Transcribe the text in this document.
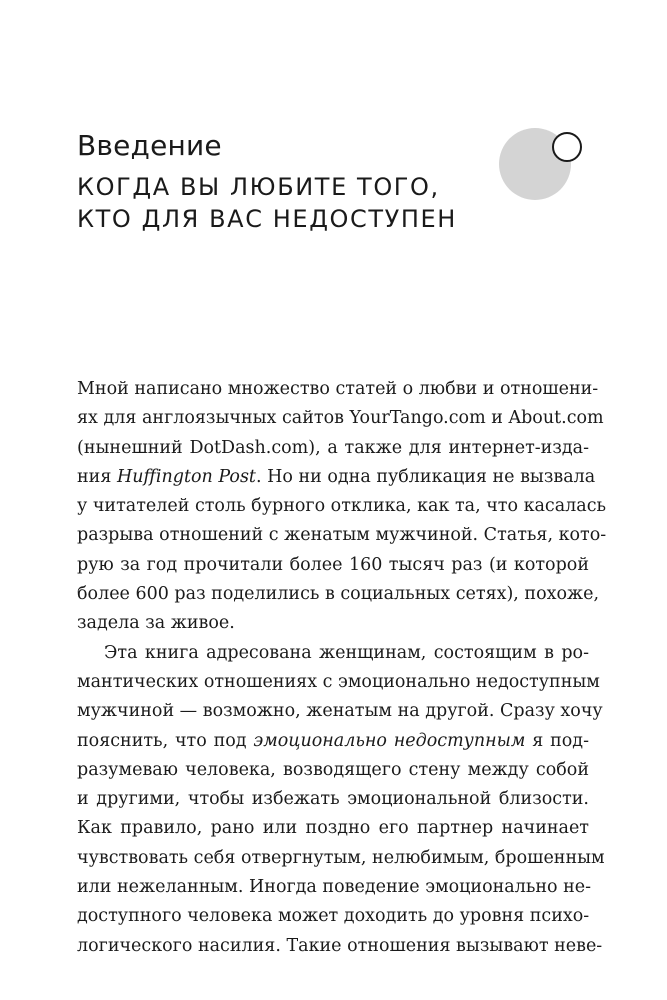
Введение
КОГДА ВЫ ЛЮБИТЕ ТОГО,
КТО ДЛЯ ВАС НЕДОСТУПЕН
Мной написано множество статей о любви и отношени-
ях для англоязычных сайтов YourTango.com и About.com
(нынешний DotDash.com), а также для интернет-изда-
ния Huffington Post. Но ни одна публикация не вызвала
у читателей столь бурного отклика, как та, что касалась
разрыва отношений с женатым мужчиной. Статья, кото-
рую за год прочитали более 160 тысяч раз (и которой
более 600 раз поделились в социальных сетях), похоже,
задела за живое.
Эта книга адресована женщинам, состоящим в ро-
мантических отношениях с эмоционально недоступным
мужчиной — возможно, женатым на другой. Сразу хочу
пояснить, что под эмоционально недоступным я под-
разумеваю человека, возводящего стену между собой
и другими, чтобы избежать эмоциональной близости.
Как правило, рано или поздно его партнер начинает
чувствовать себя отвергнутым, нелюбимым, брошенным
или нежеланным. Иногда поведение эмоционально не-
доступного человека может доходить до уровня психо-
логического насилия. Такие отношения вызывают неве-
